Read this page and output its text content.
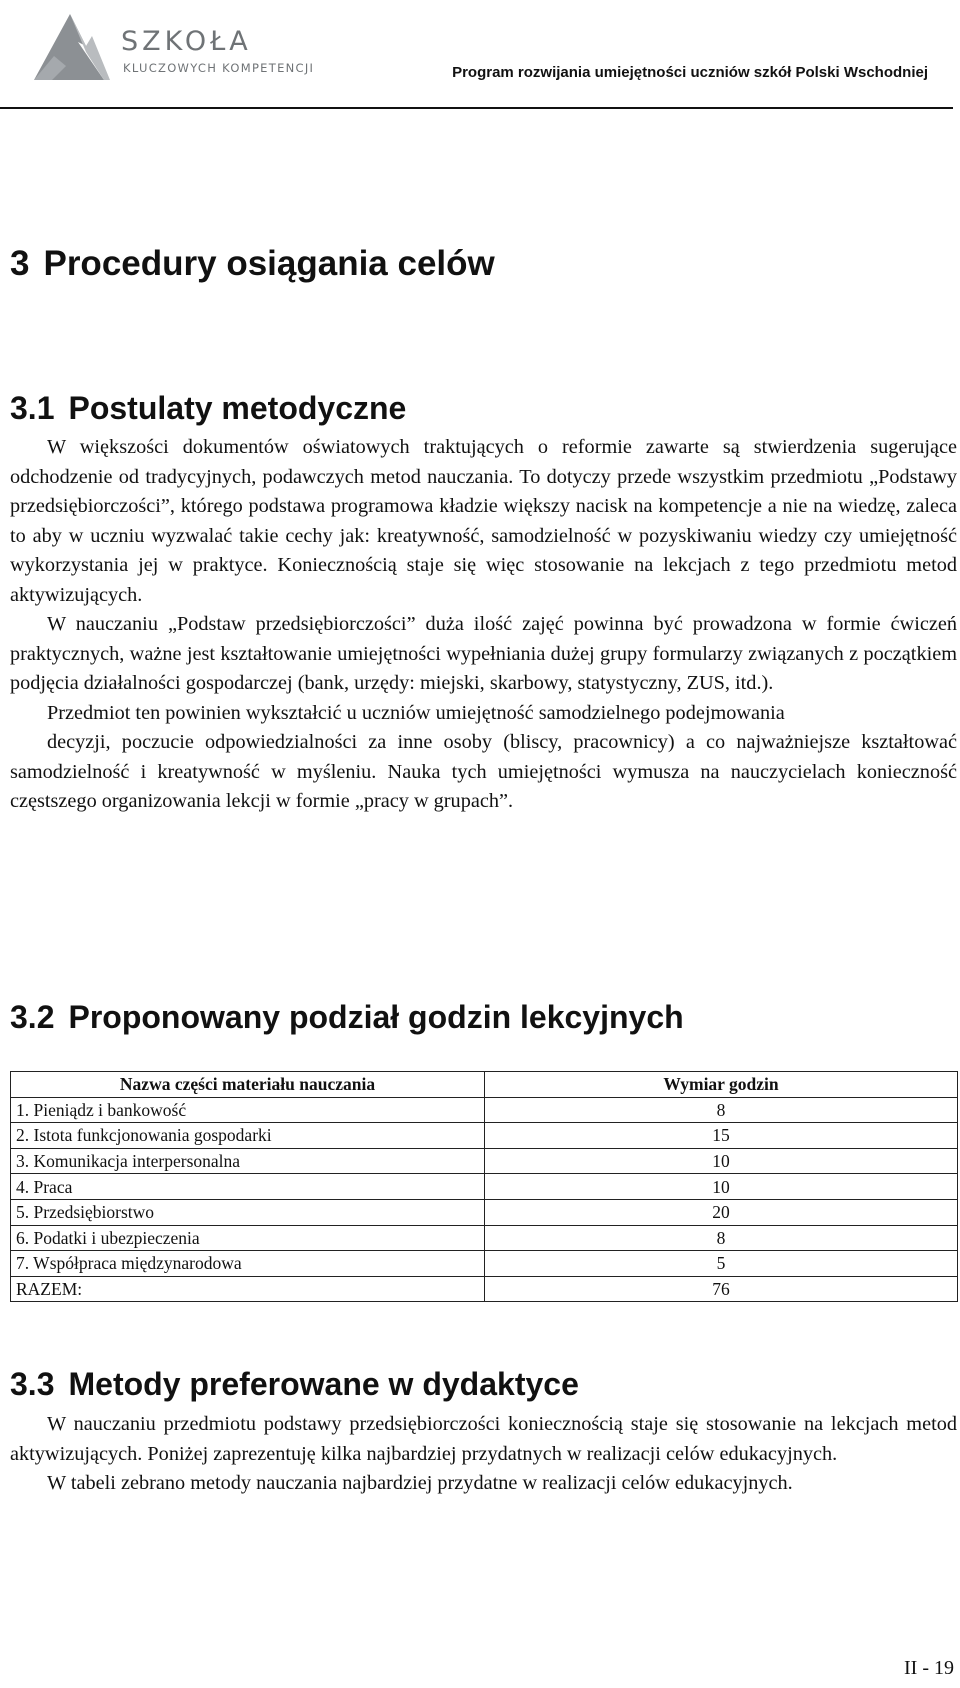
SZKOŁA
KLUCZOWYCH KOMPETENCJI	Program rozwijania umiejętności uczniów szkół Polski Wschodniej
3 Procedury osiągania celów
3.1 Postulaty metodyczne

W większości dokumentów oświatowych traktujących o reformie zawarte są stwierdzenia sugerujące odchodzenie od tradycyjnych, podawczych metod nauczania. To dotyczy przede wszystkim przedmiotu „Podstawy przedsiębiorczości”, którego podstawa programowa kładzie większy nacisk na kompetencje a nie na wiedzę, zaleca to aby w uczniu wyzwalać takie cechy jak: kreatywność, samodzielność w pozyskiwaniu wiedzy czy umiejętność wykorzystania jej w praktyce. Koniecznością staje się więc stosowanie na lekcjach z tego przedmiotu metod aktywizujących.

W nauczaniu „Podstaw przedsiębiorczości” duża ilość zajęć powinna być prowadzona w formie ćwiczeń praktycznych, ważne jest kształtowanie umiejętności wypełniania dużej grupy formularzy związanych z początkiem podjęcia działalności gospodarczej (bank, urzędy: miejski, skarbowy, statystyczny, ZUS, itd.).

Przedmiot ten powinien wykształcić u uczniów umiejętność samodzielnego podejmowania

decyzji, poczucie odpowiedzialności za inne osoby (bliscy, pracownicy) a co najważniejsze kształtować samodzielność i kreatywność w myśleniu. Nauka tych umiejętności wymusza na nauczycielach konieczność częstszego organizowania lekcji w formie „pracy w grupach”.

3.2 Proponowany podział godzin lekcyjnych
Nazwa części materiału nauczania	Wymiar godzin
1. Pieniądz i bankowość	8
2. Istota funkcjonowania gospodarki	15
3. Komunikacja interpersonalna	10
4. Praca	10
5. Przedsiębiorstwo	20
6. Podatki i ubezpieczenia	8
7. Współpraca międzynarodowa	5
RAZEM:	76
3.3 Metody preferowane w dydaktyce

W nauczaniu przedmiotu podstawy przedsiębiorczości koniecznością staje się stosowanie na lekcjach metod aktywizujących. Poniżej zaprezentuję kilka najbardziej przydatnych w realizacji celów edukacyjnych.

W tabeli zebrano metody nauczania najbardziej przydatne w realizacji celów edukacyjnych.

II - 19
